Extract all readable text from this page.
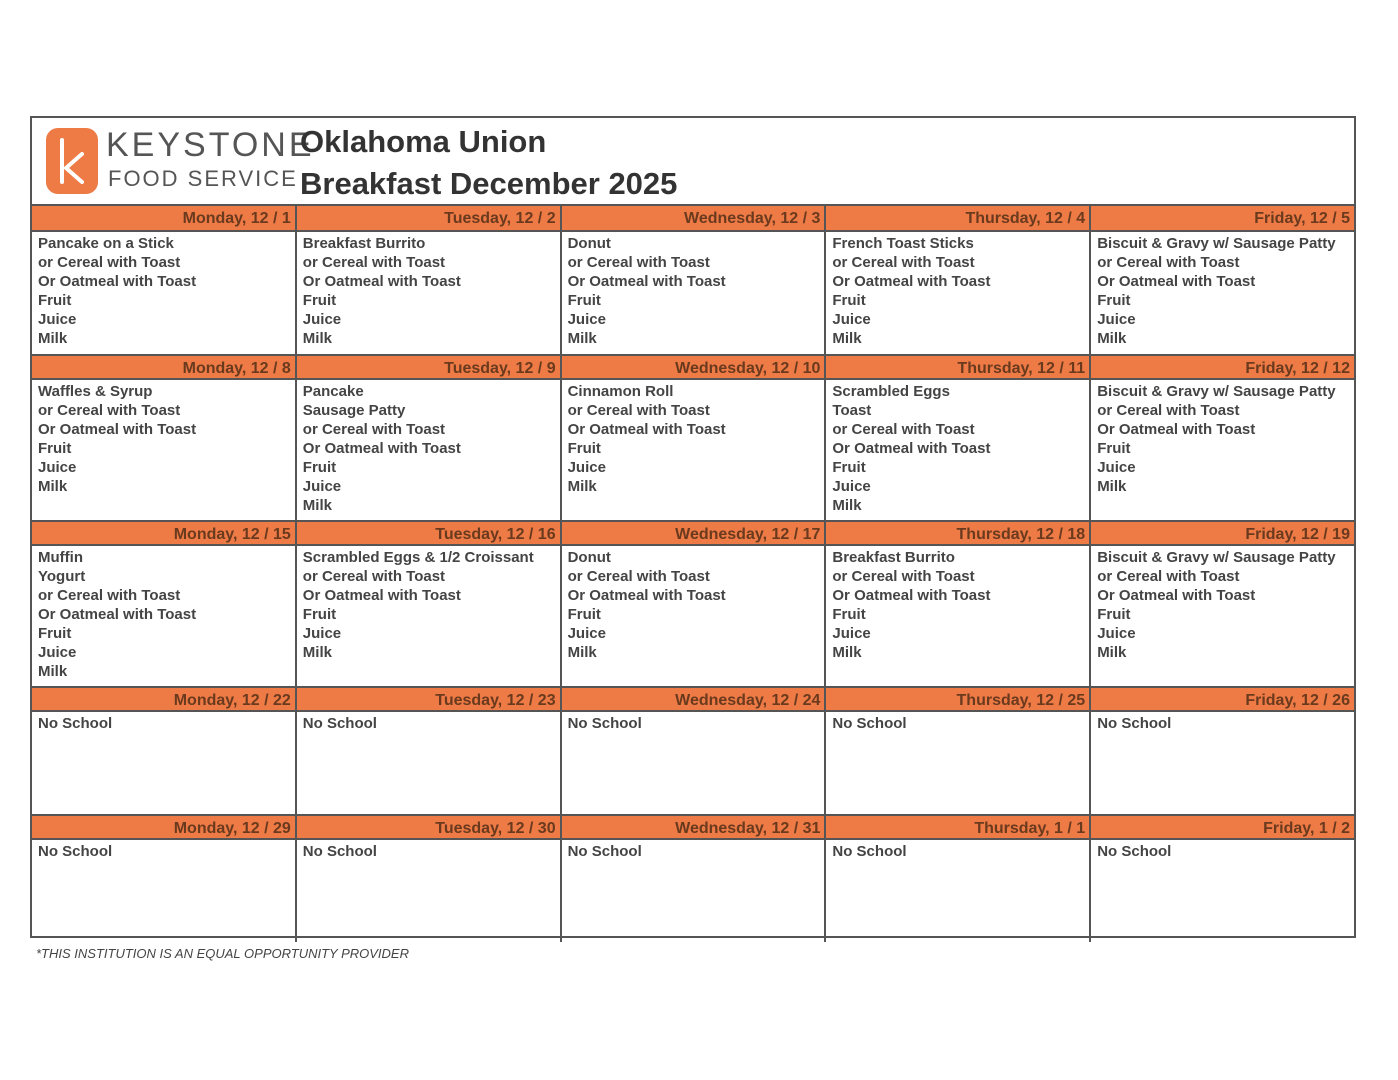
KEYSTONE
FOOD SERVICE
Oklahoma Union
Breakfast December 2025
Monday, 12 / 1
Pancake on a Stick
or Cereal with Toast
Or Oatmeal with Toast
Fruit
Juice
Milk
Tuesday, 12 / 2
Breakfast Burrito
or Cereal with Toast
Or Oatmeal with Toast
Fruit
Juice
Milk
Wednesday, 12 / 3
Donut
or Cereal with Toast
Or Oatmeal with Toast
Fruit
Juice
Milk
Thursday, 12 / 4
French Toast Sticks
or Cereal with Toast
Or Oatmeal with Toast
Fruit
Juice
Milk
Friday, 12 / 5
Biscuit & Gravy w/ Sausage Patty
or Cereal with Toast
Or Oatmeal with Toast
Fruit
Juice
Milk
Monday, 12 / 8
Waffles & Syrup
or Cereal with Toast
Or Oatmeal with Toast
Fruit
Juice
Milk
Tuesday, 12 / 9
Pancake
Sausage Patty
or Cereal with Toast
Or Oatmeal with Toast
Fruit
Juice
Milk
Wednesday, 12 / 10
Cinnamon Roll
or Cereal with Toast
Or Oatmeal with Toast
Fruit
Juice
Milk
Thursday, 12 / 11
Scrambled Eggs
Toast
or Cereal with Toast
Or Oatmeal with Toast
Fruit
Juice
Milk
Friday, 12 / 12
Biscuit & Gravy w/ Sausage Patty
or Cereal with Toast
Or Oatmeal with Toast
Fruit
Juice
Milk
Monday, 12 / 15
Muffin
Yogurt
or Cereal with Toast
Or Oatmeal with Toast
Fruit
Juice
Milk
Tuesday, 12 / 16
Scrambled Eggs & 1/2 Croissant
or Cereal with Toast
Or Oatmeal with Toast
Fruit
Juice
Milk
Wednesday, 12 / 17
Donut
or Cereal with Toast
Or Oatmeal with Toast
Fruit
Juice
Milk
Thursday, 12 / 18
Breakfast Burrito
or Cereal with Toast
Or Oatmeal with Toast
Fruit
Juice
Milk
Friday, 12 / 19
Biscuit & Gravy w/ Sausage Patty
or Cereal with Toast
Or Oatmeal with Toast
Fruit
Juice
Milk
Monday, 12 / 22
No School
Tuesday, 12 / 23
No School
Wednesday, 12 / 24
No School
Thursday, 12 / 25
No School
Friday, 12 / 26
No School
Monday, 12 / 29
No School
Tuesday, 12 / 30
No School
Wednesday, 12 / 31
No School
Thursday, 1 / 1
No School
Friday, 1 / 2
No School
*THIS INSTITUTION IS AN EQUAL OPPORTUNITY PROVIDER
